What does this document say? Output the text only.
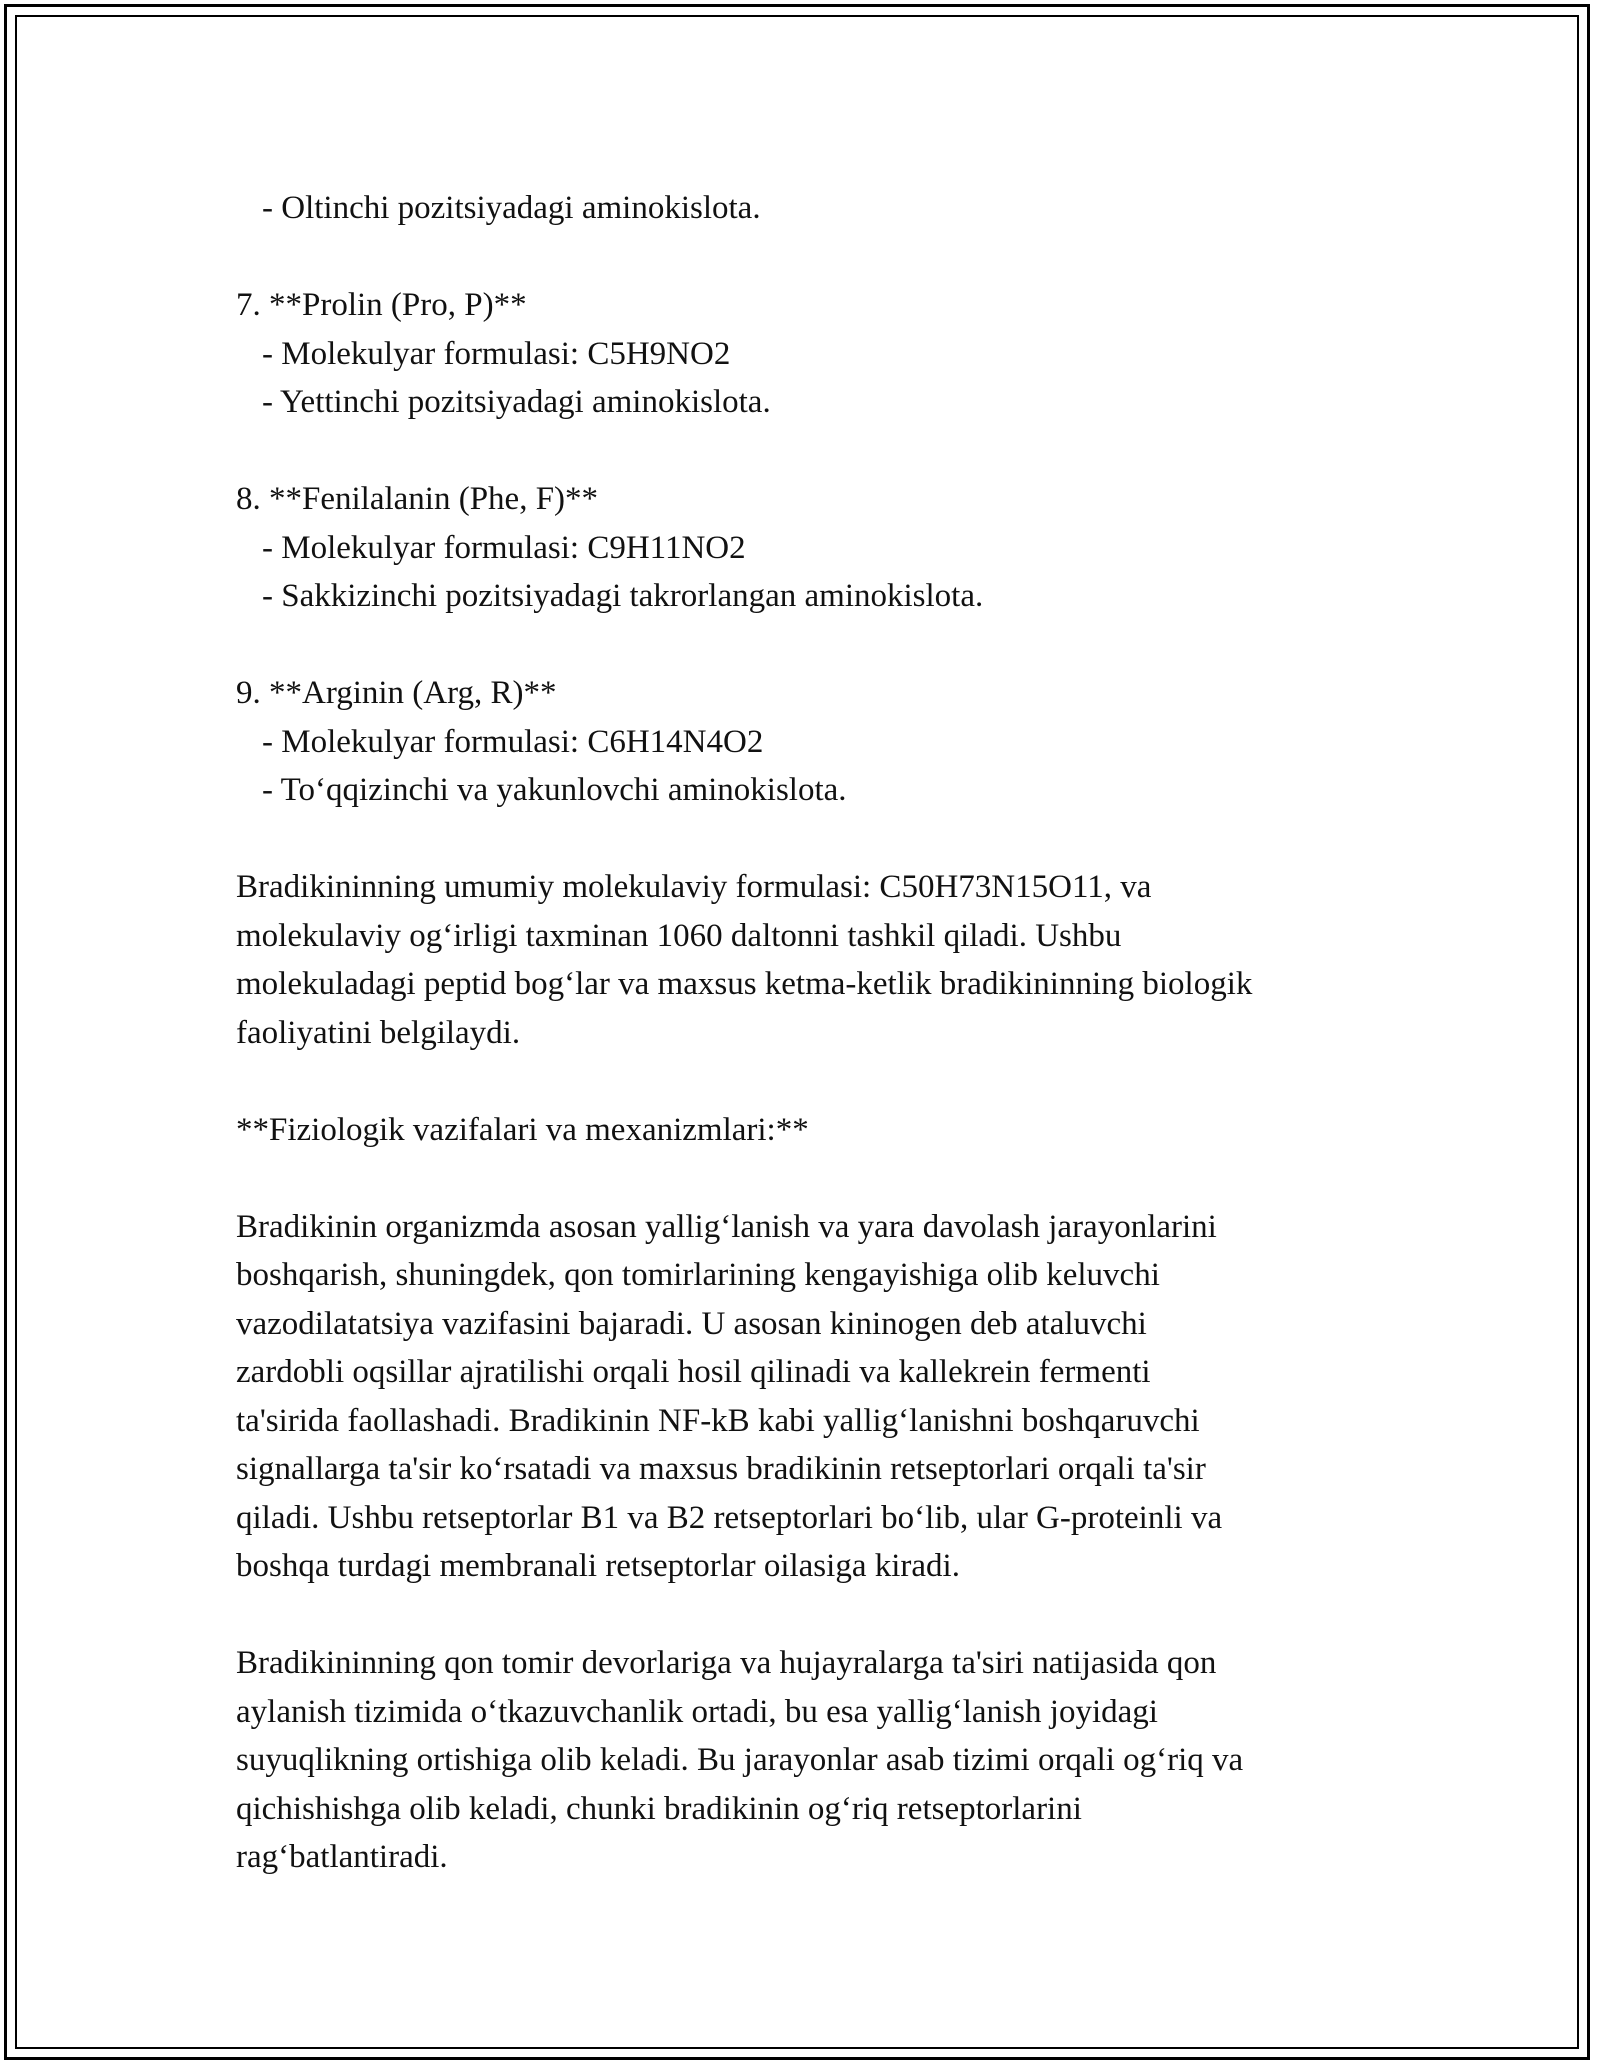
- Oltinchi pozitsiyadagi aminokislota.
7. **Prolin (Pro, P)**
- Molekulyar formulasi: C5H9NO2
- Yettinchi pozitsiyadagi aminokislota.
8. **Fenilalanin (Phe, F)**
- Molekulyar formulasi: C9H11NO2
- Sakkizinchi pozitsiyadagi takrorlangan aminokislota.
9. **Arginin (Arg, R)**
- Molekulyar formulasi: C6H14N4O2
- To‘qqizinchi va yakunlovchi aminokislota.
Bradikininning umumiy molekulaviy formulasi: C50H73N15O11, va
molekulaviy og‘irligi taxminan 1060 daltonni tashkil qiladi. Ushbu
molekuladagi peptid bog‘lar va maxsus ketma-ketlik bradikininning biologik
faoliyatini belgilaydi.
**Fiziologik vazifalari va mexanizmlari:**
Bradikinin organizmda asosan yallig‘lanish va yara davolash jarayonlarini
boshqarish, shuningdek, qon tomirlarining kengayishiga olib keluvchi
vazodilatatsiya vazifasini bajaradi. U asosan kininogen deb ataluvchi
zardobli oqsillar ajratilishi orqali hosil qilinadi va kallekrein fermenti
ta'sirida faollashadi. Bradikinin NF-kB kabi yallig‘lanishni boshqaruvchi
signallarga ta'sir ko‘rsatadi va maxsus bradikinin retseptorlari orqali ta'sir
qiladi. Ushbu retseptorlar B1 va B2 retseptorlari bo‘lib, ular G-proteinli va
boshqa turdagi membranali retseptorlar oilasiga kiradi.
Bradikininning qon tomir devorlariga va hujayralarga ta'siri natijasida qon
aylanish tizimida o‘tkazuvchanlik ortadi, bu esa yallig‘lanish joyidagi
suyuqlikning ortishiga olib keladi. Bu jarayonlar asab tizimi orqali og‘riq va
qichishishga olib keladi, chunki bradikinin og‘riq retseptorlarini
rag‘batlantiradi.
